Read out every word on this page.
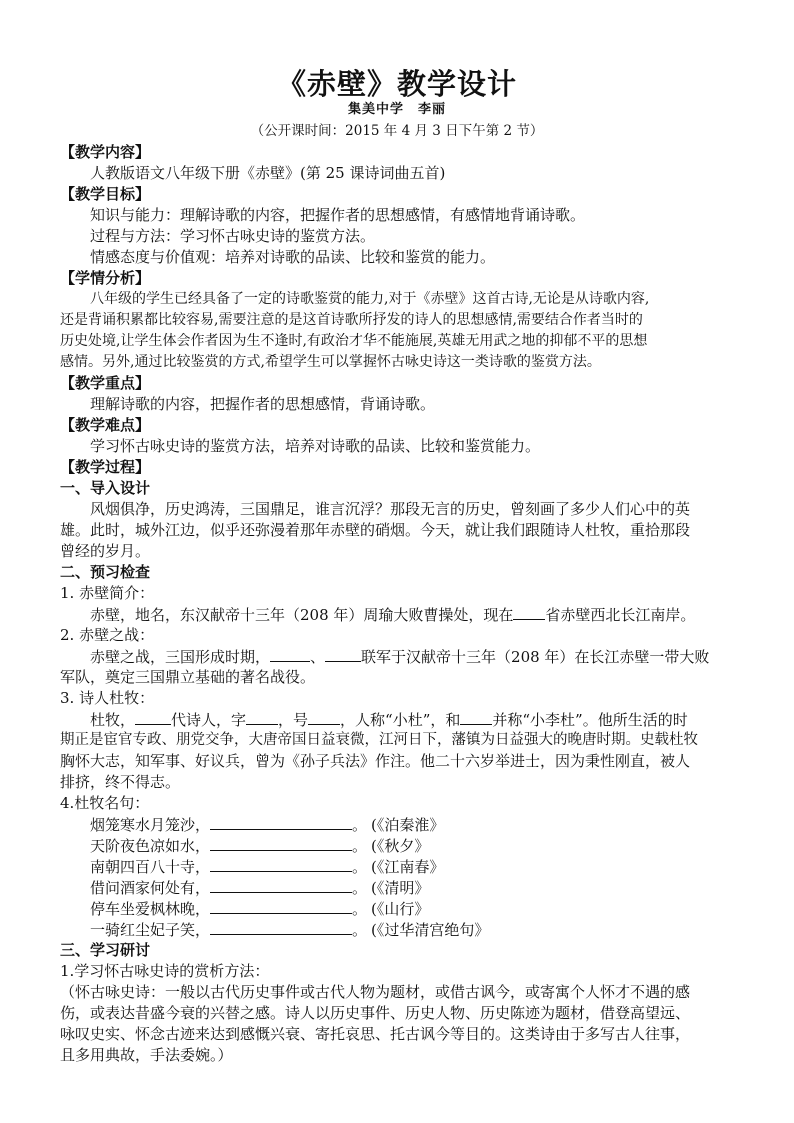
《赤壁》教学设计
集美中学　李丽
（公开课时间：2015 年 4 月 3 日下午第 2 节）
【教学内容】
人教版语文八年级下册《赤壁》(第 25 课诗词曲五首)
【教学目标】
知识与能力：理解诗歌的内容，把握作者的思想感情，有感情地背诵诗歌。
过程与方法：学习怀古咏史诗的鉴赏方法。
情感态度与价值观：培养对诗歌的品读、比较和鉴赏的能力。
【学情分析】
八年级的学生已经具备了一定的诗歌鉴赏的能力,对于《赤壁》这首古诗,无论是从诗歌内容,
还是背诵积累都比较容易,需要注意的是这首诗歌所抒发的诗人的思想感情,需要结合作者当时的
历史处境,让学生体会作者因为生不逢时,有政治才华不能施展,英雄无用武之地的抑郁不平的思想
感情。另外,通过比较鉴赏的方式,希望学生可以掌握怀古咏史诗这一类诗歌的鉴赏方法。
【教学重点】
理解诗歌的内容，把握作者的思想感情，背诵诗歌。
【教学难点】
学习怀古咏史诗的鉴赏方法，培养对诗歌的品读、比较和鉴赏能力。
【教学过程】
一、导入设计
风烟俱净，历史鸿涛，三国鼎足，谁言沉浮？那段无言的历史，曾刻画了多少人们心中的英
雄。此时，城外江边，似乎还弥漫着那年赤壁的硝烟。今天，就让我们跟随诗人杜牧，重拾那段
曾经的岁月。
二、预习检查
1. 赤壁简介：
赤壁，地名，东汉献帝十三年（208 年）周瑜大败曹操处，现在 省赤壁西北长江南岸。
2. 赤壁之战：
赤壁之战，三国形成时期，	、 联军于汉献帝十三年（208 年）在长江赤壁一带大败
军队，奠定三国鼎立基础的著名战役。
3. 诗人杜牧：
杜牧， 代诗人，字 ，号 ，人称“小杜”，和 并称“小李杜”。他所生活的时
期正是宦官专政、朋党交争，大唐帝国日益衰微，江河日下，藩镇为日益强大的晚唐时期。史载杜牧
胸怀大志，知军事、好议兵，曾为《孙子兵法》作注。他二十六岁举进士，因为秉性刚直，被人
排挤，终不得志。
4.杜牧名句：
烟笼寒水月笼沙，	。 (《泊秦淮》
天阶夜色凉如水，	。 (《秋夕》
南朝四百八十寺，	。 (《江南春》
借问酒家何处有，	。 (《清明》
停车坐爱枫林晚，	。 (《山行》
一骑红尘妃子笑，	。 (《过华清宫绝句》
三、学习研讨
1.学习怀古咏史诗的赏析方法：
（怀古咏史诗：一般以古代历史事件或古代人物为题材，或借古讽今，或寄寓个人怀才不遇的感
伤，或表达昔盛今衰的兴替之感。诗人以历史事件、历史人物、历史陈迹为题材，借登高望远、
咏叹史实、怀念古迹来达到感慨兴衰、寄托哀思、托古讽今等目的。这类诗由于多写古人往事，
且多用典故，手法委婉。）
